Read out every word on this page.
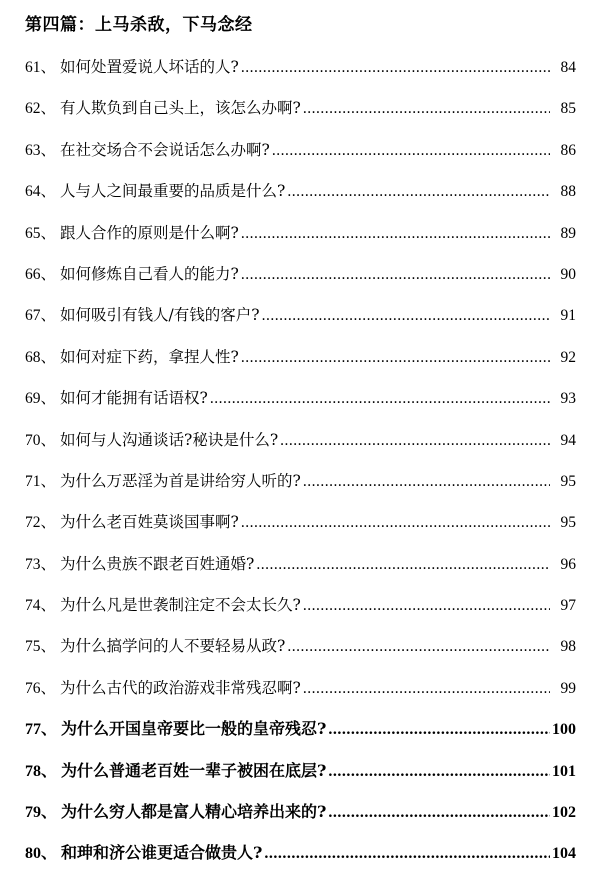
第四篇：上马杀敌，下马念经
61 、 如何处置爱说人坏话的人? .....	84
62 、 有人欺负到自己头上，该怎么办啊? .....	85
63 、 在社交场合不会说话怎么办啊? .....	86
64 、 人与人之间最重要的品质是什么? .....	88
65 、 跟人合作的原则是什么啊? .....	89
66 、 如何修炼自己看人的能力? .....	90
67 、 如何吸引有钱人/有钱的客户? .....	91
68 、 如何对症下药，拿捏人性? .....	92
69 、 如何才能拥有话语权? .....	93
70 、 如何与人沟通谈话?秘诀是什么? .....	94
71 、 为什么万恶淫为首是讲给穷人听的? .....	95
72 、 为什么老百姓莫谈国事啊? .....	95
73 、 为什么贵族不跟老百姓通婚? .....	96
74 、 为什么凡是世袭制注定不会太长久? .....	97
75 、 为什么搞学问的人不要轻易从政? .....	98
76 、 为什么古代的政治游戏非常残忍啊? .....	99
77 、 为什么开国皇帝要比一般的皇帝残忍? .....	100
78 、 为什么普通老百姓一辈子被困在底层? .....	101
79 、 为什么穷人都是富人精心培养出来的? .....	102
80 、 和珅和济公谁更适合做贵人? .....	104
